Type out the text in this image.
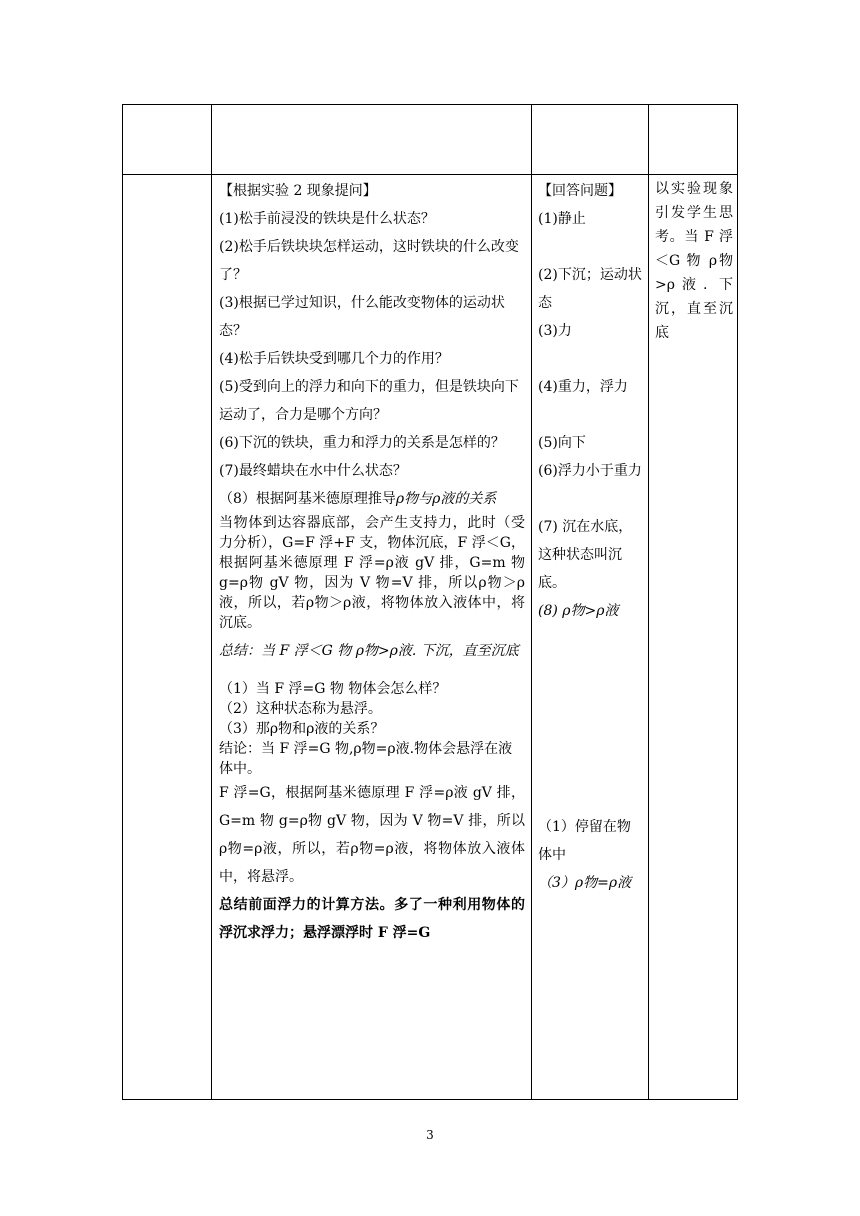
【根据实验 2 现象提问】

(1)松手前浸没的铁块是什么状态？

(2)松手后铁块块怎样运动，这时铁块的什么改变了？

(3)根据已学过知识，什么能改变物体的运动状态？

(4)松手后铁块受到哪几个力的作用？

(5)受到向上的浮力和向下的重力，但是铁块向下运动了，合力是哪个方向？

(6)下沉的铁块，重力和浮力的关系是怎样的？

(7)最终蜡块在水中什么状态？

（8）根据阿基米德原理推导ρ物与ρ液的关系

当物体到达容器底部，会产生支持力，此时（受力分析），G=F 浮+F 支，物体沉底，F 浮＜G，根据阿基米德原理 F 浮=ρ液 gV 排，G=m 物 g=ρ物 gV 物，因为 V 物=V 排，所以ρ物＞ρ液，所以，若ρ物＞ρ液，将物体放入液体中，将沉底。

总结：当 F 浮＜G 物 ρ物>ρ液. 下沉，直至沉底

（1）当 F 浮=G 物 物体会怎么样？

（2）这种状态称为悬浮。

（3）那ρ物和ρ液的关系？

结论：当 F 浮=G 物,ρ物=ρ液.物体会悬浮在液体中。

F 浮=G，根据阿基米德原理 F 浮=ρ液 gV 排，G=m 物 g=ρ物 gV 物，因为 V 物=V 排，所以ρ物=ρ液，所以，若ρ物=ρ液，将物体放入液体中，将悬浮。

总结前面浮力的计算方法。多了一种利用物体的浮沉求浮力；悬浮漂浮时 F 浮=G

【回答问题】

(1)静止

(2)下沉；运动状态

(3)力

(4)重力，浮力

(5)向下

(6)浮力小于重力

(7) 沉在水底，这种状态叫沉底。

(8) ρ物>ρ液

（1）停留在物体中

（3）ρ物=ρ液

以实验现象引发学生思考。当 F 浮＜G 物 ρ物>ρ液. 下沉，直至沉底

3
